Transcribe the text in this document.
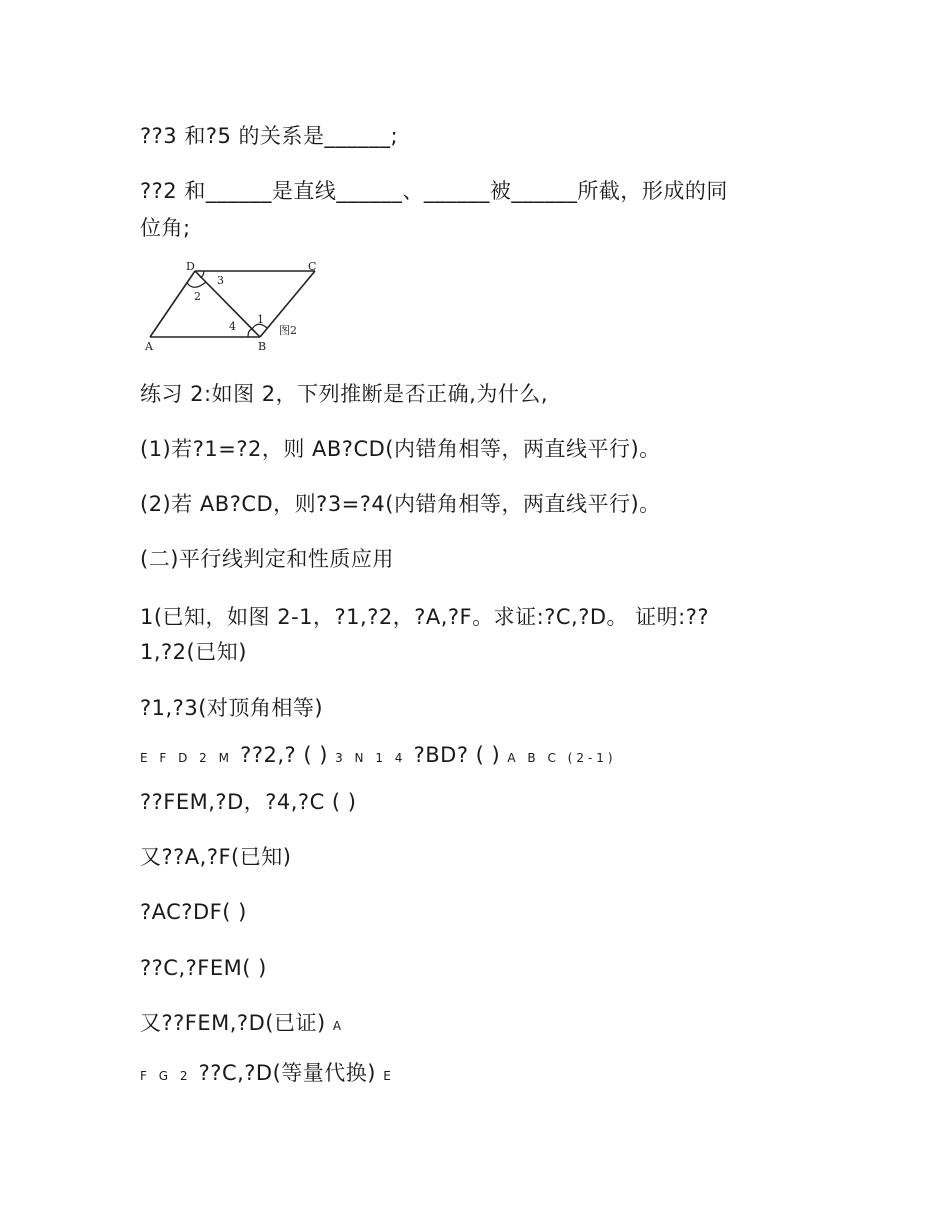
??3 和?5 的关系是______;
??2 和______是直线______、______被______所截，形成的同
位角;
D	C
A	B
2
3
4
1
图2
练习 2:如图 2，下列推断是否正确,为什么,
(1)若?1=?2，则 AB?CD(内错角相等，两直线平行)。
(2)若 AB?CD，则?3=?4(内错角相等，两直线平行)。
(二)平行线判定和性质应用
1(已知，如图 2-1，?1,?2，?A,?F。求证:?C,?D。 证明:??
1,?2(已知)
?1,?3(对顶角相等)
E F D 2 M ??2,? ( ) 3 N 1 4 ?BD? ( ) A B C (2-1)
??FEM,?D，?4,?C ( )
又??A,?F(已知)
?AC?DF( )
??C,?FEM( )
又??FEM,?D(已证) A
F G 2 ??C,?D(等量代换) E
